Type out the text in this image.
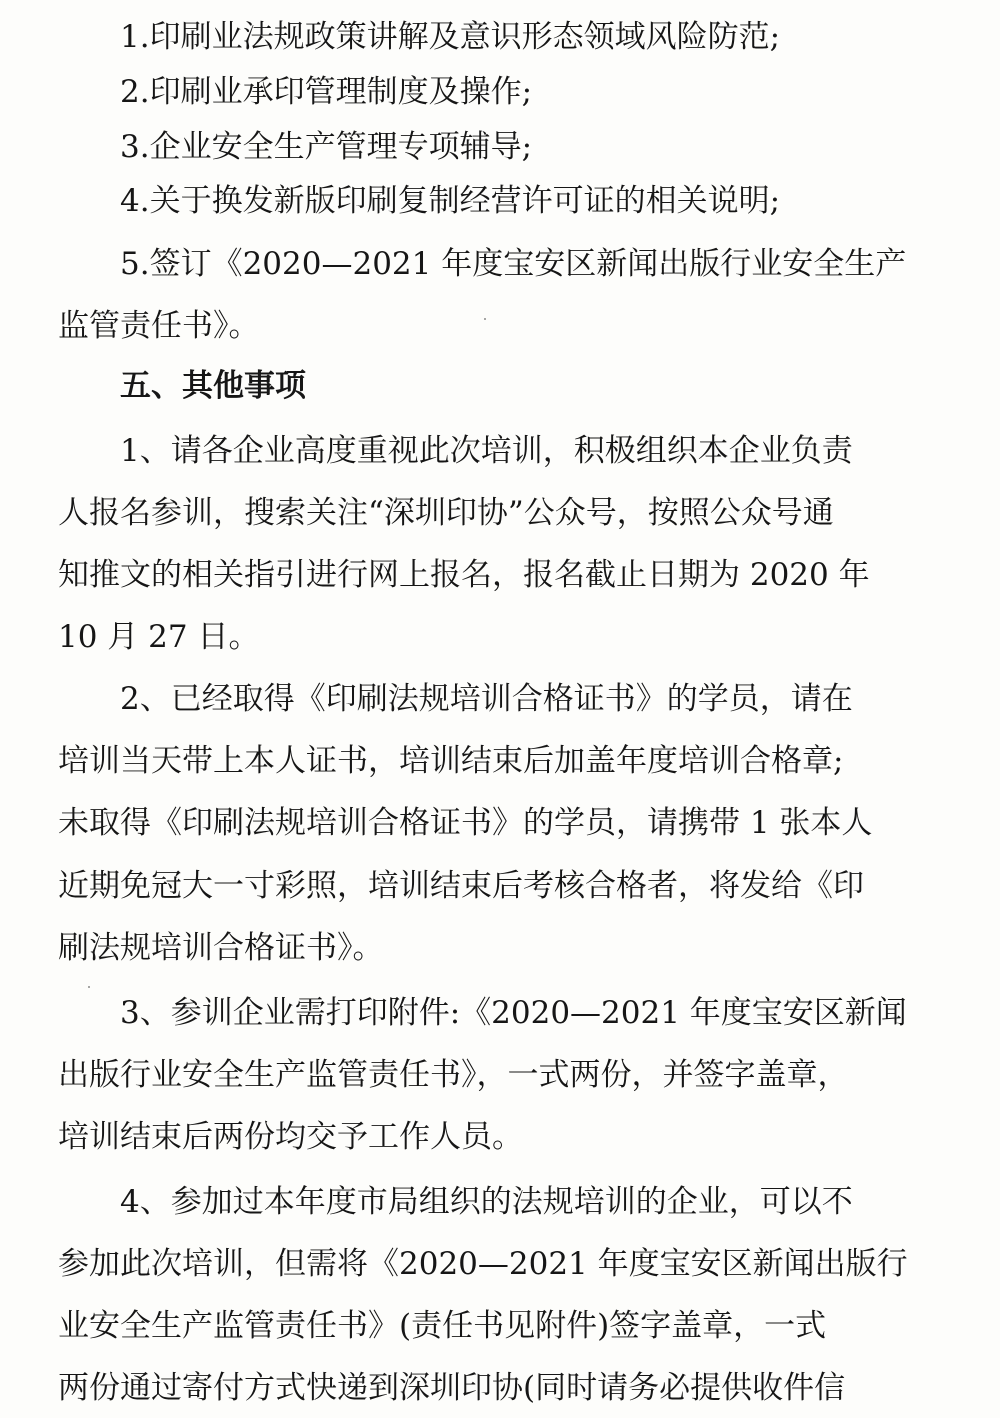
1.印刷业法规政策讲解及意识形态领域风险防范;

2.印刷业承印管理制度及操作;

3.企业安全生产管理专项辅导;

4.关于换发新版印刷复制经营许可证的相关说明;

5.签订《2020—2021 年度宝安区新闻出版行业安全生产

监管责任书》。

五、其他事项

1、请各企业高度重视此次培训，积极组织本企业负责

人报名参训，搜索关注“深圳印协”公众号，按照公众号通

知推文的相关指引进行网上报名，报名截止日期为 2020 年

10 月 27 日。

2、已经取得《印刷法规培训合格证书》的学员，请在

培训当天带上本人证书，培训结束后加盖年度培训合格章;

未取得《印刷法规培训合格证书》的学员，请携带 1 张本人

近期免冠大一寸彩照，培训结束后考核合格者，将发给《印

刷法规培训合格证书》。

3、参训企业需打印附件:《2020—2021 年度宝安区新闻

出版行业安全生产监管责任书》，一式两份，并签字盖章，

培训结束后两份均交予工作人员。

4、参加过本年度市局组织的法规培训的企业，可以不

参加此次培训，但需将《2020—2021 年度宝安区新闻出版行

业安全生产监管责任书》(责任书见附件)签字盖章，一式

两份通过寄付方式快递到深圳印协(同时请务必提供收件信
